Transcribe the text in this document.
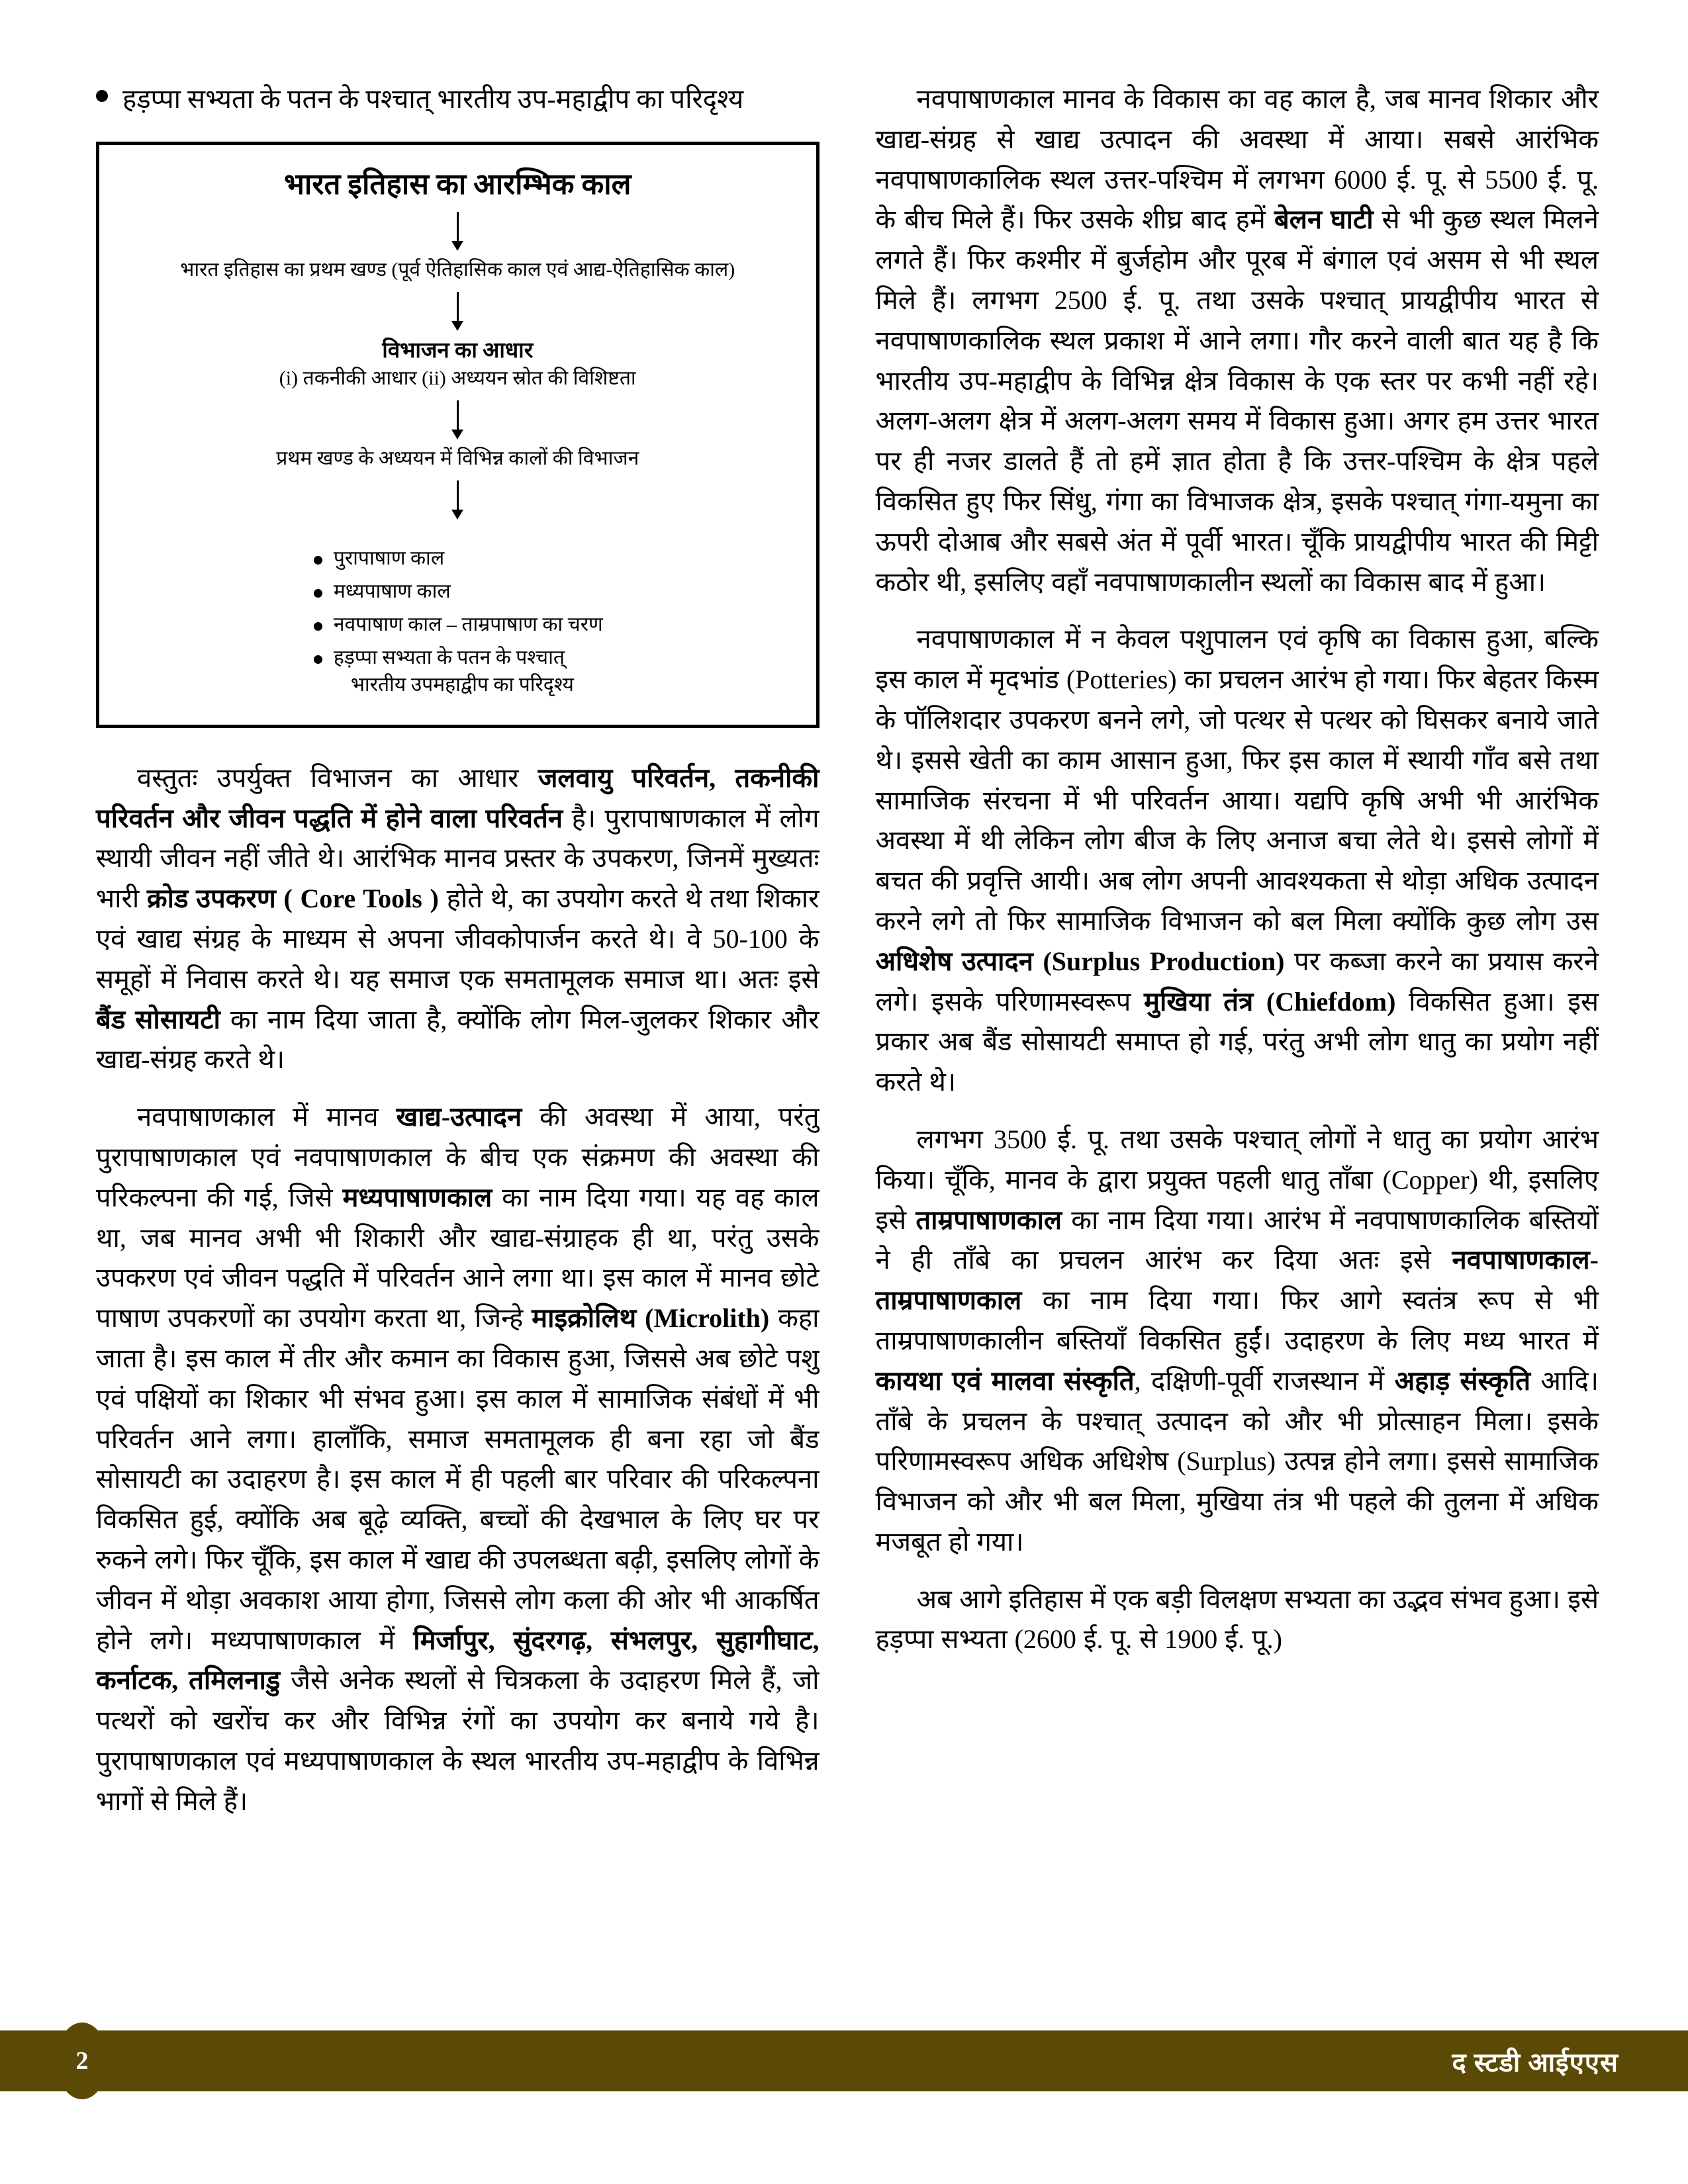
हड़प्पा सभ्यता के पतन के पश्चात् भारतीय उप-महाद्वीप का परिदृश्य
भारत इतिहास का आरम्भिक काल
भारत इतिहास का प्रथम खण्ड (पूर्व ऐतिहासिक काल एवं आद्य-ऐतिहासिक काल)
विभाजन का आधार
(i) तकनीकी आधार (ii) अध्ययन स्रोत की विशिष्टता
प्रथम खण्ड के अध्ययन में विभिन्न कालों की विभाजन
पुरापाषाण काल
मध्यपाषाण काल
नवपाषाण काल – ताम्रपाषाण का चरण
हड़प्पा सभ्यता के पतन के पश्चात्
भारतीय उपमहाद्वीप का परिदृश्य

वस्तुतः उपर्युक्त विभाजन का आधार जलवायु परिवर्तन, तकनीकी परिवर्तन और जीवन पद्धति में होने वाला परिवर्तन है। पुरापाषाणकाल में लोग स्थायी जीवन नहीं जीते थे। आरंभिक मानव प्रस्तर के उपकरण, जिनमें मुख्यतः भारी क्रोड उपकरण ( Core Tools ) होते थे, का उपयोग करते थे तथा शिकार एवं खाद्य संग्रह के माध्यम से अपना जीवकोपार्जन करते थे। वे 50-100 के समूहों में निवास करते थे। यह समाज एक समतामूलक समाज था। अतः इसे बैंड सोसायटी का नाम दिया जाता है, क्योंकि लोग मिल-जुलकर शिकार और खाद्य-संग्रह करते थे।

नवपाषाणकाल में मानव खाद्य-उत्पादन की अवस्था में आया, परंतु पुरापाषाणकाल एवं नवपाषाणकाल के बीच एक संक्रमण की अवस्था की परिकल्पना की गई, जिसे मध्यपाषाणकाल का नाम दिया गया। यह वह काल था, जब मानव अभी भी शिकारी और खाद्य-संग्राहक ही था, परंतु उसके उपकरण एवं जीवन पद्धति में परिवर्तन आने लगा था। इस काल में मानव छोटे पाषाण उपकरणों का उपयोग करता था, जिन्हे माइक्रोलिथ (Microlith) कहा जाता है। इस काल में तीर और कमान का विकास हुआ, जिससे अब छोटे पशु एवं पक्षियों का शिकार भी संभव हुआ। इस काल में सामाजिक संबंधों में भी परिवर्तन आने लगा। हालाँकि, समाज समतामूलक ही बना रहा जो बैंड सोसायटी का उदाहरण है। इस काल में ही पहली बार परिवार की परिकल्पना विकसित हुई, क्योंकि अब बूढ़े व्यक्ति, बच्चों की देखभाल के लिए घर पर रुकने लगे। फिर चूँकि, इस काल में खाद्य की उपलब्धता बढ़ी, इसलिए लोगों के जीवन में थोड़ा अवकाश आया होगा, जिससे लोग कला की ओर भी आकर्षित होने लगे। मध्यपाषाणकाल में मिर्जापुर, सुंदरगढ़, संभलपुर, सुहागीघाट, कर्नाटक, तमिलनाडु जैसे अनेक स्थलों से चित्रकला के उदाहरण मिले हैं, जो पत्थरों को खरोंच कर और विभिन्न रंगों का उपयोग कर बनाये गये है। पुरापाषाणकाल एवं मध्यपाषाणकाल के स्थल भारतीय उप-महाद्वीप के विभिन्न भागों से मिले हैं।

नवपाषाणकाल मानव के विकास का वह काल है, जब मानव शिकार और खाद्य-संग्रह से खाद्य उत्पादन की अवस्था में आया। सबसे आरंभिक नवपाषाणकालिक स्थल उत्तर-पश्चिम में लगभग 6000 ई. पू. से 5500 ई. पू. के बीच मिले हैं। फिर उसके शीघ्र बाद हमें बेलन घाटी से भी कुछ स्थल मिलने लगते हैं। फिर कश्मीर में बुर्जहोम और पूरब में बंगाल एवं असम से भी स्थल मिले हैं। लगभग 2500 ई. पू. तथा उसके पश्चात् प्रायद्वीपीय भारत से नवपाषाणकालिक स्थल प्रकाश में आने लगा। गौर करने वाली बात यह है कि भारतीय उप-महाद्वीप के विभिन्न क्षेत्र विकास के एक स्तर पर कभी नहीं रहे। अलग-अलग क्षेत्र में अलग-अलग समय में विकास हुआ। अगर हम उत्तर भारत पर ही नजर डालते हैं तो हमें ज्ञात होता है कि उत्तर-पश्चिम के क्षेत्र पहले विकसित हुए फिर सिंधु, गंगा का विभाजक क्षेत्र, इसके पश्चात् गंगा-यमुना का ऊपरी दोआब और सबसे अंत में पूर्वी भारत। चूँकि प्रायद्वीपीय भारत की मिट्टी कठोर थी, इसलिए वहाँ नवपाषाणकालीन स्थलों का विकास बाद में हुआ।

नवपाषाणकाल में न केवल पशुपालन एवं कृषि का विकास हुआ, बल्कि इस काल में मृदभांड (Potteries) का प्रचलन आरंभ हो गया। फिर बेहतर किस्म के पॉलिशदार उपकरण बनने लगे, जो पत्थर से पत्थर को घिसकर बनाये जाते थे। इससे खेती का काम आसान हुआ, फिर इस काल में स्थायी गाँव बसे तथा सामाजिक संरचना में भी परिवर्तन आया। यद्यपि कृषि अभी भी आरंभिक अवस्था में थी लेकिन लोग बीज के लिए अनाज बचा लेते थे। इससे लोगों में बचत की प्रवृत्ति आयी। अब लोग अपनी आवश्यकता से थोड़ा अधिक उत्पादन करने लगे तो फिर सामाजिक विभाजन को बल मिला क्योंकि कुछ लोग उस अधिशेष उत्पादन (Surplus Production) पर कब्जा करने का प्रयास करने लगे। इसके परिणामस्वरूप मुखिया तंत्र (Chiefdom) विकसित हुआ। इस प्रकार अब बैंड सोसायटी समाप्त हो गई, परंतु अभी लोग धातु का प्रयोग नहीं करते थे।

लगभग 3500 ई. पू. तथा उसके पश्चात् लोगों ने धातु का प्रयोग आरंभ किया। चूँकि, मानव के द्वारा प्रयुक्त पहली धातु ताँबा (Copper) थी, इसलिए इसे ताम्रपाषाणकाल का नाम दिया गया। आरंभ में नवपाषाणकालिक बस्तियों ने ही ताँबे का प्रचलन आरंभ कर दिया अतः इसे नवपाषाणकाल- ताम्रपाषाणकाल का नाम दिया गया। फिर आगे स्वतंत्र रूप से भी ताम्रपाषाणकालीन बस्तियाँ विकसित हुईं। उदाहरण के लिए मध्य भारत में कायथा एवं मालवा संस्कृति, दक्षिणी-पूर्वी राजस्थान में अहाड़ संस्कृति आदि। ताँबे के प्रचलन के पश्चात् उत्पादन को और भी प्रोत्साहन मिला। इसके परिणामस्वरूप अधिक अधिशेष (Surplus) उत्पन्न होने लगा। इससे सामाजिक विभाजन को और भी बल मिला, मुखिया तंत्र भी पहले की तुलना में अधिक मजबूत हो गया।

अब आगे इतिहास में एक बड़ी विलक्षण सभ्यता का उद्भव संभव हुआ। इसे हड़प्पा सभ्यता (2600 ई. पू. से 1900 ई. पू.)

2	द स्टडी आईएएस
